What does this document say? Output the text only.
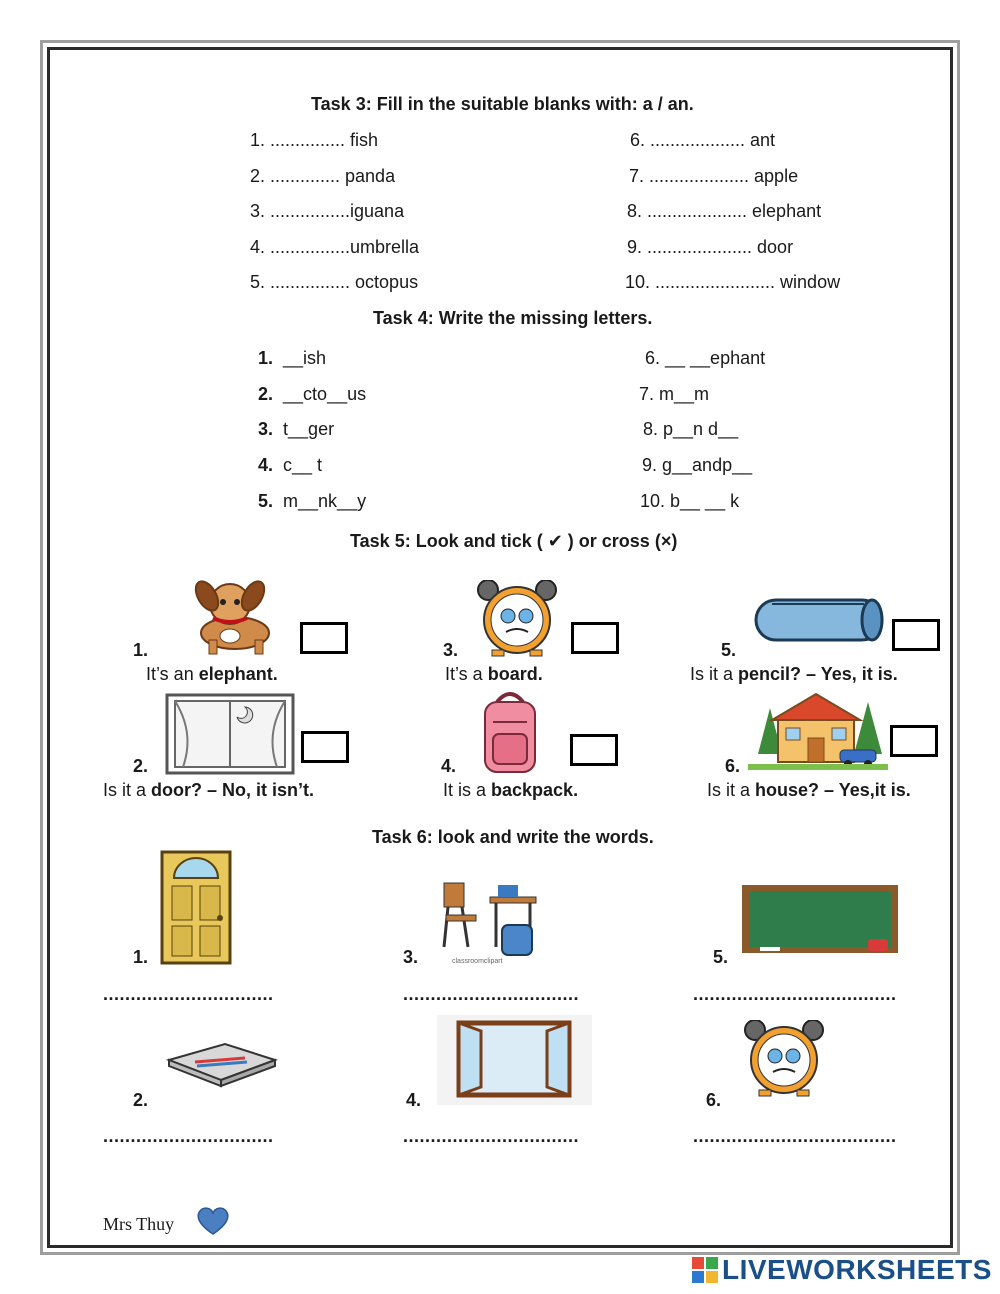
Task 3: Fill in the suitable blanks with: a / an.
1. ............... fish
2. .............. panda
3. ................iguana
4. ................umbrella
5. ................ octopus
6. ................... ant
7. .................... apple
8. .................... elephant
9. ..................... door
10. ........................ window
Task 4: Write the missing letters.
1. __ish
2. __cto__us
3. t__ger
4. c__ t
5. m__nk__y
6. __ __ephant
7. m__m
8. p__n d__
9. g__andp__
10. b__ __ k
Task 5: Look and tick ( ✔ ) or cross (×)
1.
It’s an elephant.
3.
It’s a board.
5.
Is it a pencil? – Yes, it is.
2.
Is it a door? – No, it isn’t.
4.
It is a backpack.
6.
Is it a house? – Yes,it is.
Task 6: look and write the words.
1.
...............................
classroomclipart
3.
................................
5.
.....................................
2.
...............................
4.
................................
6.
.....................................
Mrs Thuy
LIVEWORKSHEETS
